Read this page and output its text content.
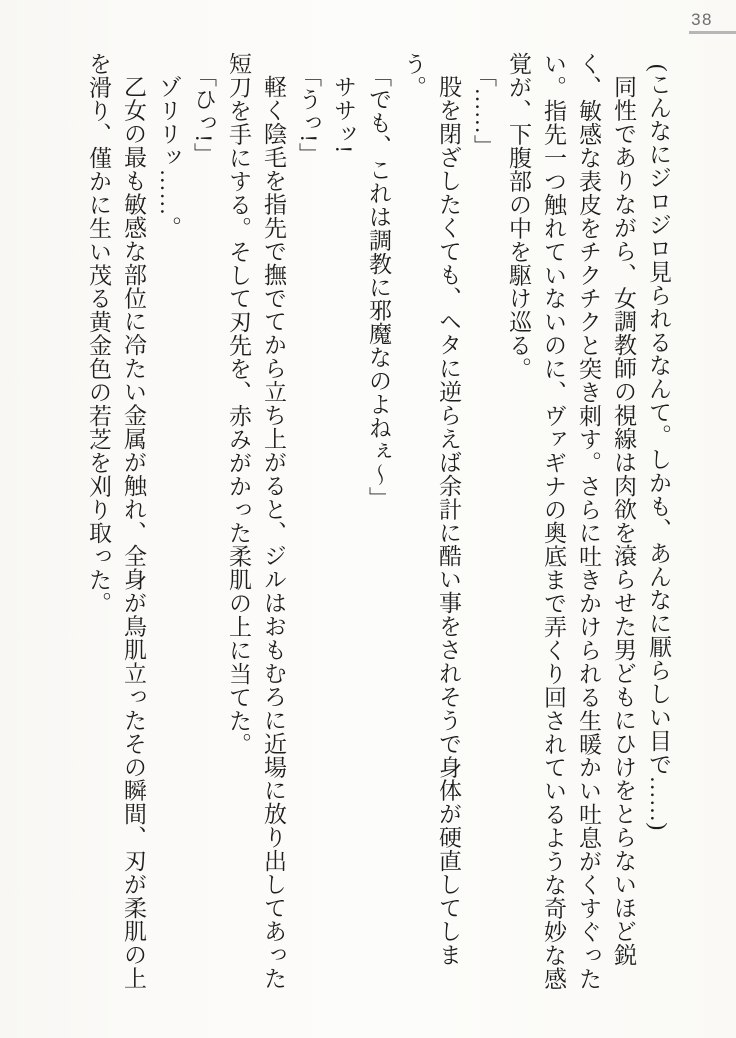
38

(こんなにジロジロ見られるなんて。しかも、あんなに厭らしい目で……)

同性でありながら、女調教師の視線は肉欲を滾らせた男どもにひけをとらないほど鋭く、敏感な表皮をチクチクと突き刺す。さらに吐きかけられる生暖かい吐息がくすぐったい。指先一つ触れていないのに、ヴァギナの奥底まで弄くり回されているような奇妙な感覚が、下腹部の中を駆け巡る。

「……」

股を閉ざしたくても、ヘタに逆らえば余計に酷い事をされそうで身体が硬直してしまう。

「でも、これは調教に邪魔なのよねぇ〜」

ササッ!

「うっ!」

軽く陰毛を指先で撫でてから立ち上がると、ジルはおもむろに近場に放り出してあった短刀を手にする。そして刃先を、赤みがかった柔肌の上に当てた。

「ひっ!」

ゾリリッ……。

乙女の最も敏感な部位に冷たい金属が触れ、全身が鳥肌立ったその瞬間、刃が柔肌の上を滑り、僅かに生い茂る黄金色の若芝を刈り取った。
